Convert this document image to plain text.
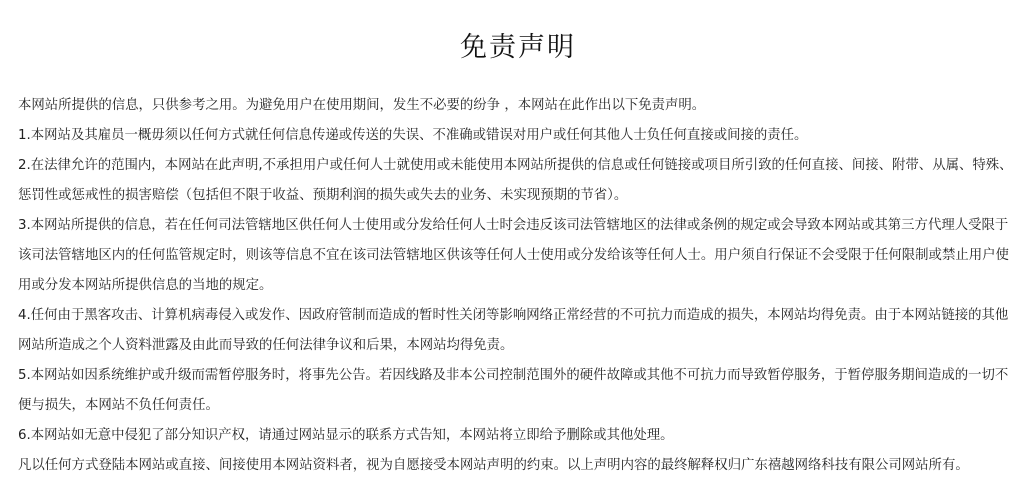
免责声明

本网站所提供的信息，只供参考之用。为避免用户在使用期间，发生不必要的纷争 ，本网站在此作出以下免责声明。

1.本网站及其雇员一概毋须以任何方式就任何信息传递或传送的失误、不准确或错误对用户或任何其他人士负任何直接或间接的责任。

2.在法律允许的范围内，本网站在此声明,不承担用户或任何人士就使用或未能使用本网站所提供的信息或任何链接或项目所引致的任何直接、间接、附带、从属、特殊、惩罚性或惩戒性的损害赔偿（包括但不限于收益、预期利润的损失或失去的业务、未实现预期的节省）。

3.本网站所提供的信息，若在任何司法管辖地区供任何人士使用或分发给任何人士时会违反该司法管辖地区的法律或条例的规定或会导致本网站或其第三方代理人受限于该司法管辖地区内的任何监管规定时，则该等信息不宜在该司法管辖地区供该等任何人士使用或分发给该等任何人士。用户须自行保证不会受限于任何限制或禁止用户使用或分发本网站所提供信息的当地的规定。

4.任何由于黑客攻击、计算机病毒侵入或发作、因政府管制而造成的暂时性关闭等影响网络正常经营的不可抗力而造成的损失，本网站均得免责。由于本网站链接的其他网站所造成之个人资料泄露及由此而导致的任何法律争议和后果，本网站均得免责。

5.本网站如因系统维护或升级而需暂停服务时，将事先公告。若因线路及非本公司控制范围外的硬件故障或其他不可抗力而导致暂停服务，于暂停服务期间造成的一切不便与损失，本网站不负任何责任。

6.本网站如无意中侵犯了部分知识产权，请通过网站显示的联系方式告知，本网站将立即给予删除或其他处理。

凡以任何方式登陆本网站或直接、间接使用本网站资料者，视为自愿接受本网站声明的约束。以上声明内容的最终解释权归广东禧越网络科技有限公司网站所有。
